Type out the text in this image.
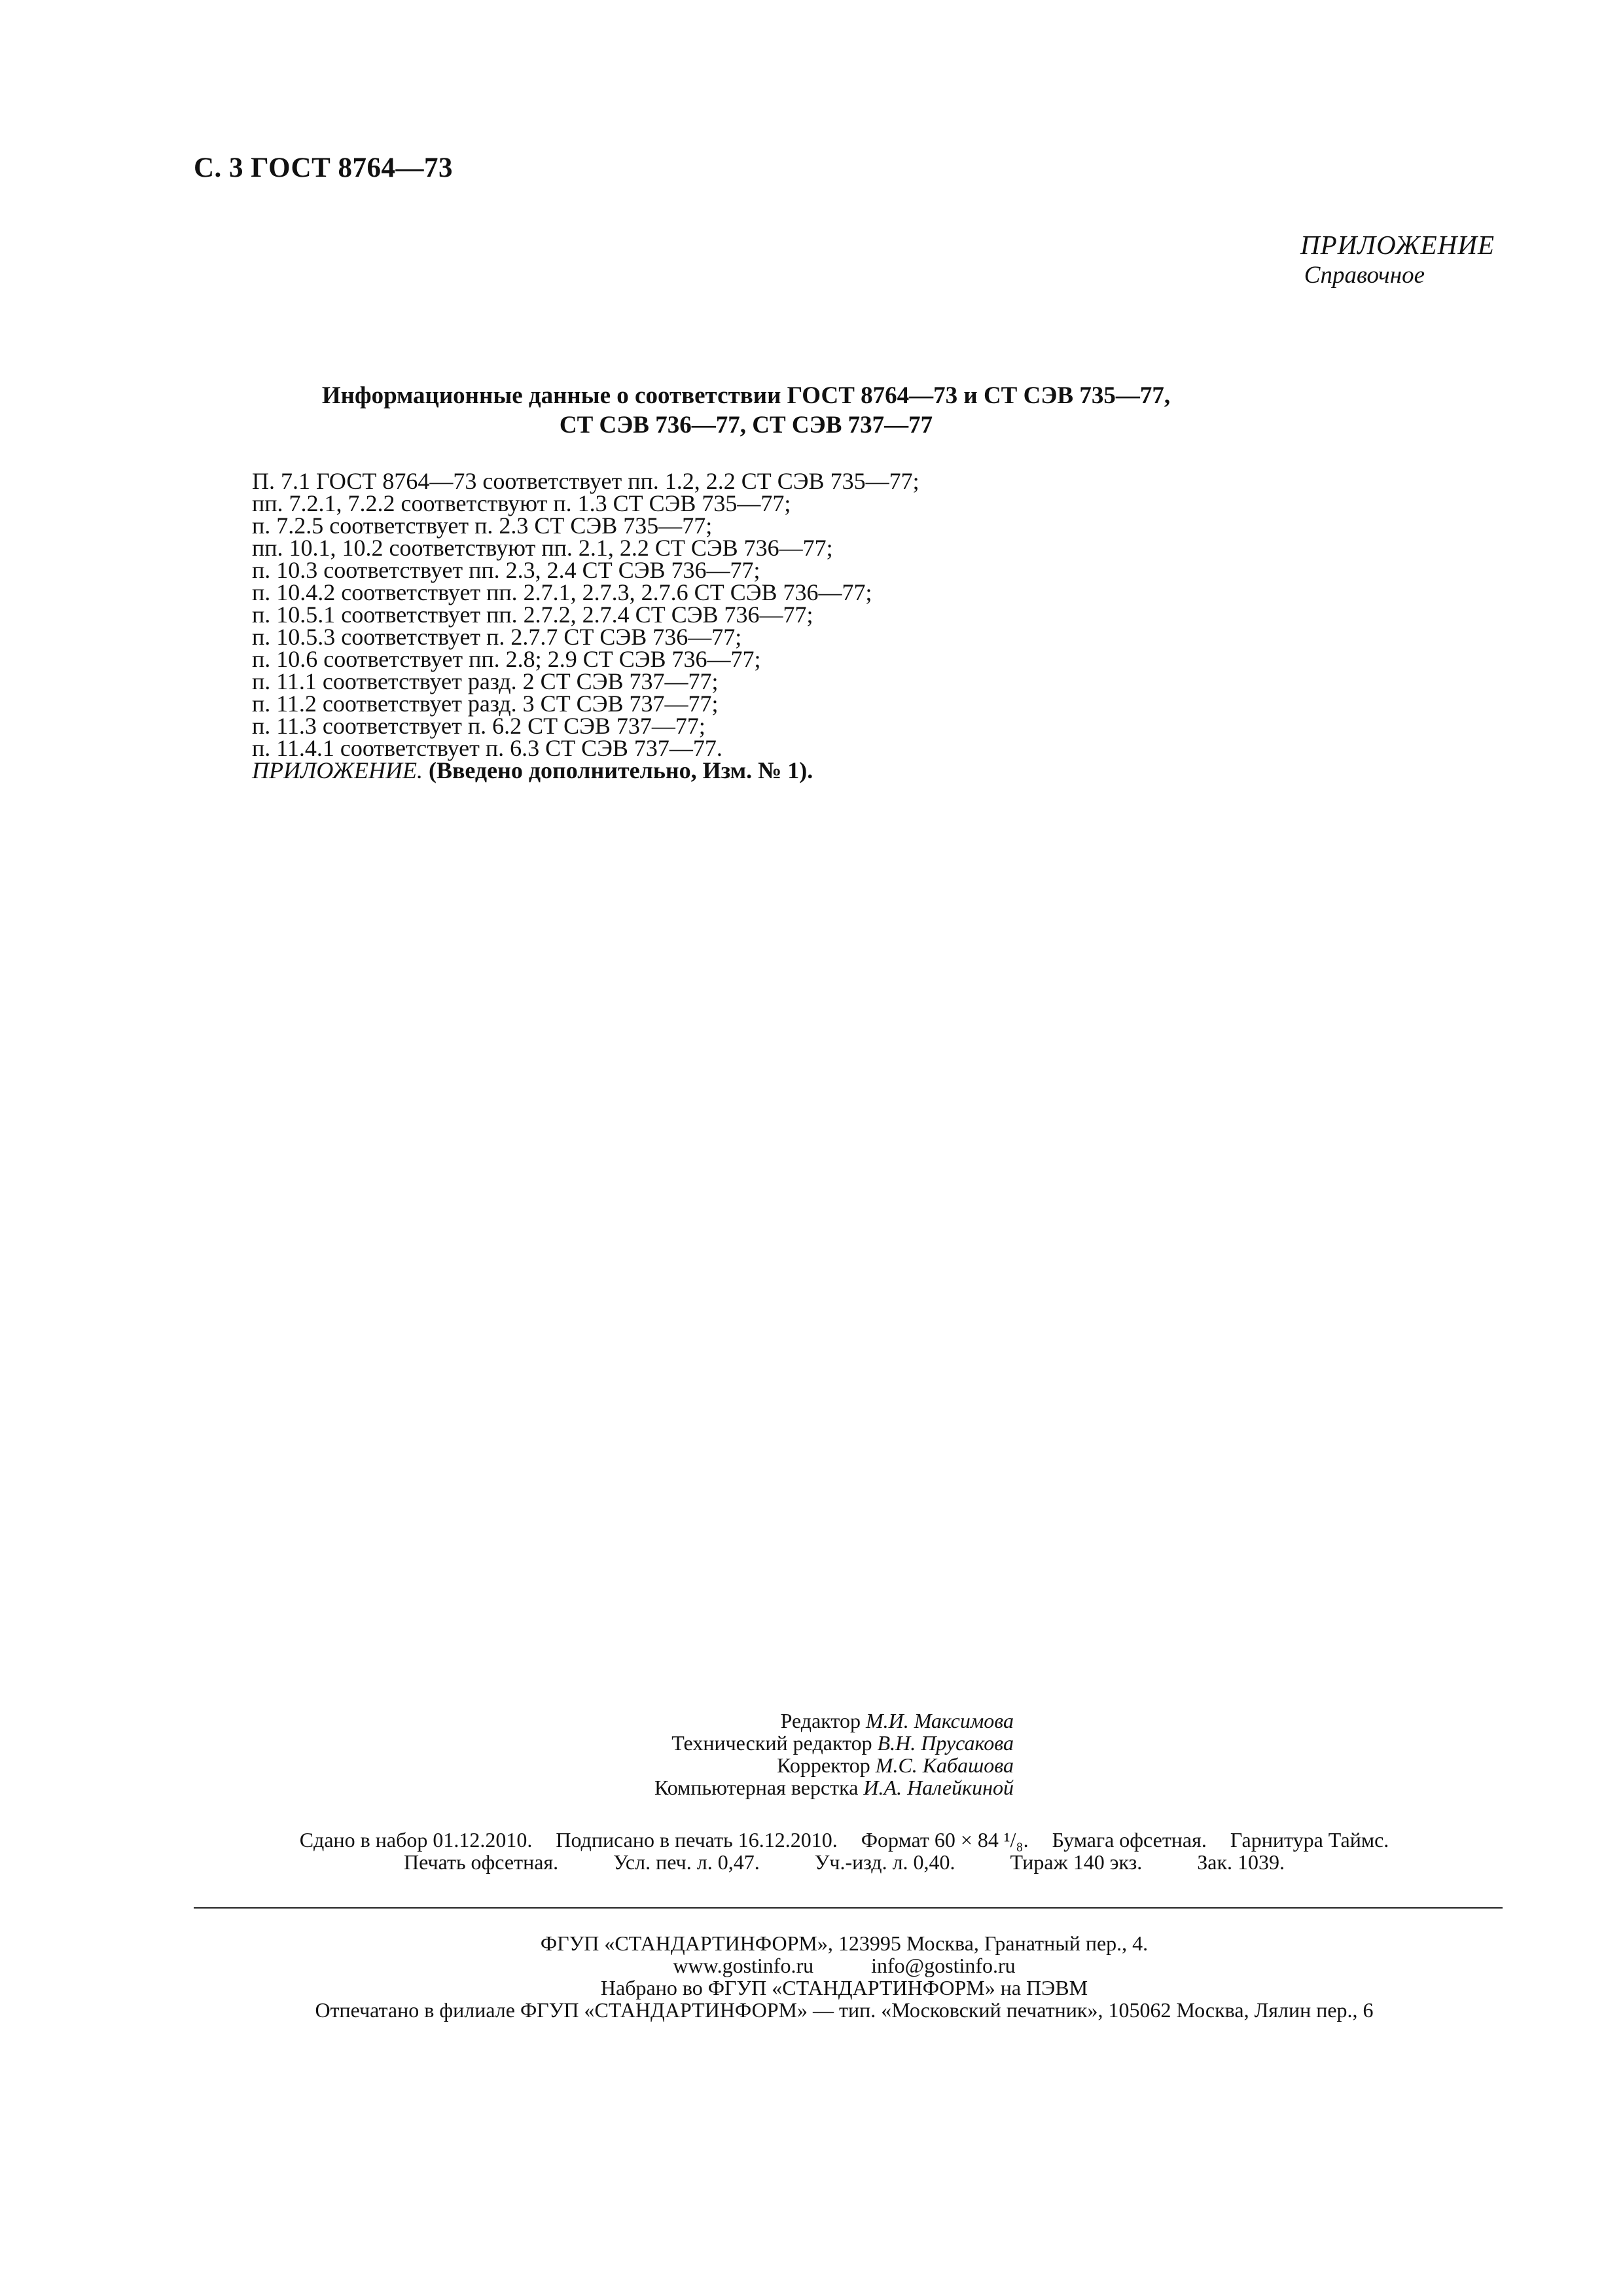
С. 3 ГОСТ 8764—73
ПРИЛОЖЕНИЕ
Справочное
Информационные данные о соответствии ГОСТ 8764—73 и СТ СЭВ 735—77,
СТ СЭВ 736—77, СТ СЭВ 737—77
П. 7.1 ГОСТ 8764—73 соответствует пп. 1.2, 2.2 СТ СЭВ 735—77;
пп. 7.2.1, 7.2.2 соответствуют п. 1.3 СТ СЭВ 735—77;
п. 7.2.5 соответствует п. 2.3 СТ СЭВ 735—77;
пп. 10.1, 10.2 соответствуют пп. 2.1, 2.2 СТ СЭВ 736—77;
п. 10.3 соответствует пп. 2.3, 2.4 СТ СЭВ 736—77;
п. 10.4.2 соответствует пп. 2.7.1, 2.7.3, 2.7.6 СТ СЭВ 736—77;
п. 10.5.1 соответствует пп. 2.7.2, 2.7.4 СТ СЭВ 736—77;
п. 10.5.3 соответствует п. 2.7.7 СТ СЭВ 736—77;
п. 10.6 соответствует пп. 2.8; 2.9 СТ СЭВ 736—77;
п. 11.1 соответствует разд. 2 СТ СЭВ 737—77;
п. 11.2 соответствует разд. 3 СТ СЭВ 737—77;
п. 11.3 соответствует п. 6.2 СТ СЭВ 737—77;
п. 11.4.1 соответствует п. 6.3 СТ СЭВ 737—77.
ПРИЛОЖЕНИЕ. (Введено дополнительно, Изм. № 1).
Редактор М.И. Максимова
Технический редактор В.Н. Прусакова
Корректор М.С. Кабашова
Компьютерная верстка И.А. Налейкиной
Сдано в набор 01.12.2010. Подписано в печать 16.12.2010. Формат 60 × 84 ¹/₈. Бумага офсетная. Гарнитура Таймс.
Печать офсетная.	Усл. печ. л. 0,47.	Уч.-изд. л. 0,40.	Тираж 140 экз.	Зак. 1039.
ФГУП «СТАНДАРТИНФОРМ», 123995 Москва, Гранатный пер., 4.
www.gostinfo.ru	info@gostinfo.ru
Набрано во ФГУП «СТАНДАРТИНФОРМ» на ПЭВМ
Отпечатано в филиале ФГУП «СТАНДАРТИНФОРМ» — тип. «Московский печатник», 105062 Москва, Лялин пер., 6
